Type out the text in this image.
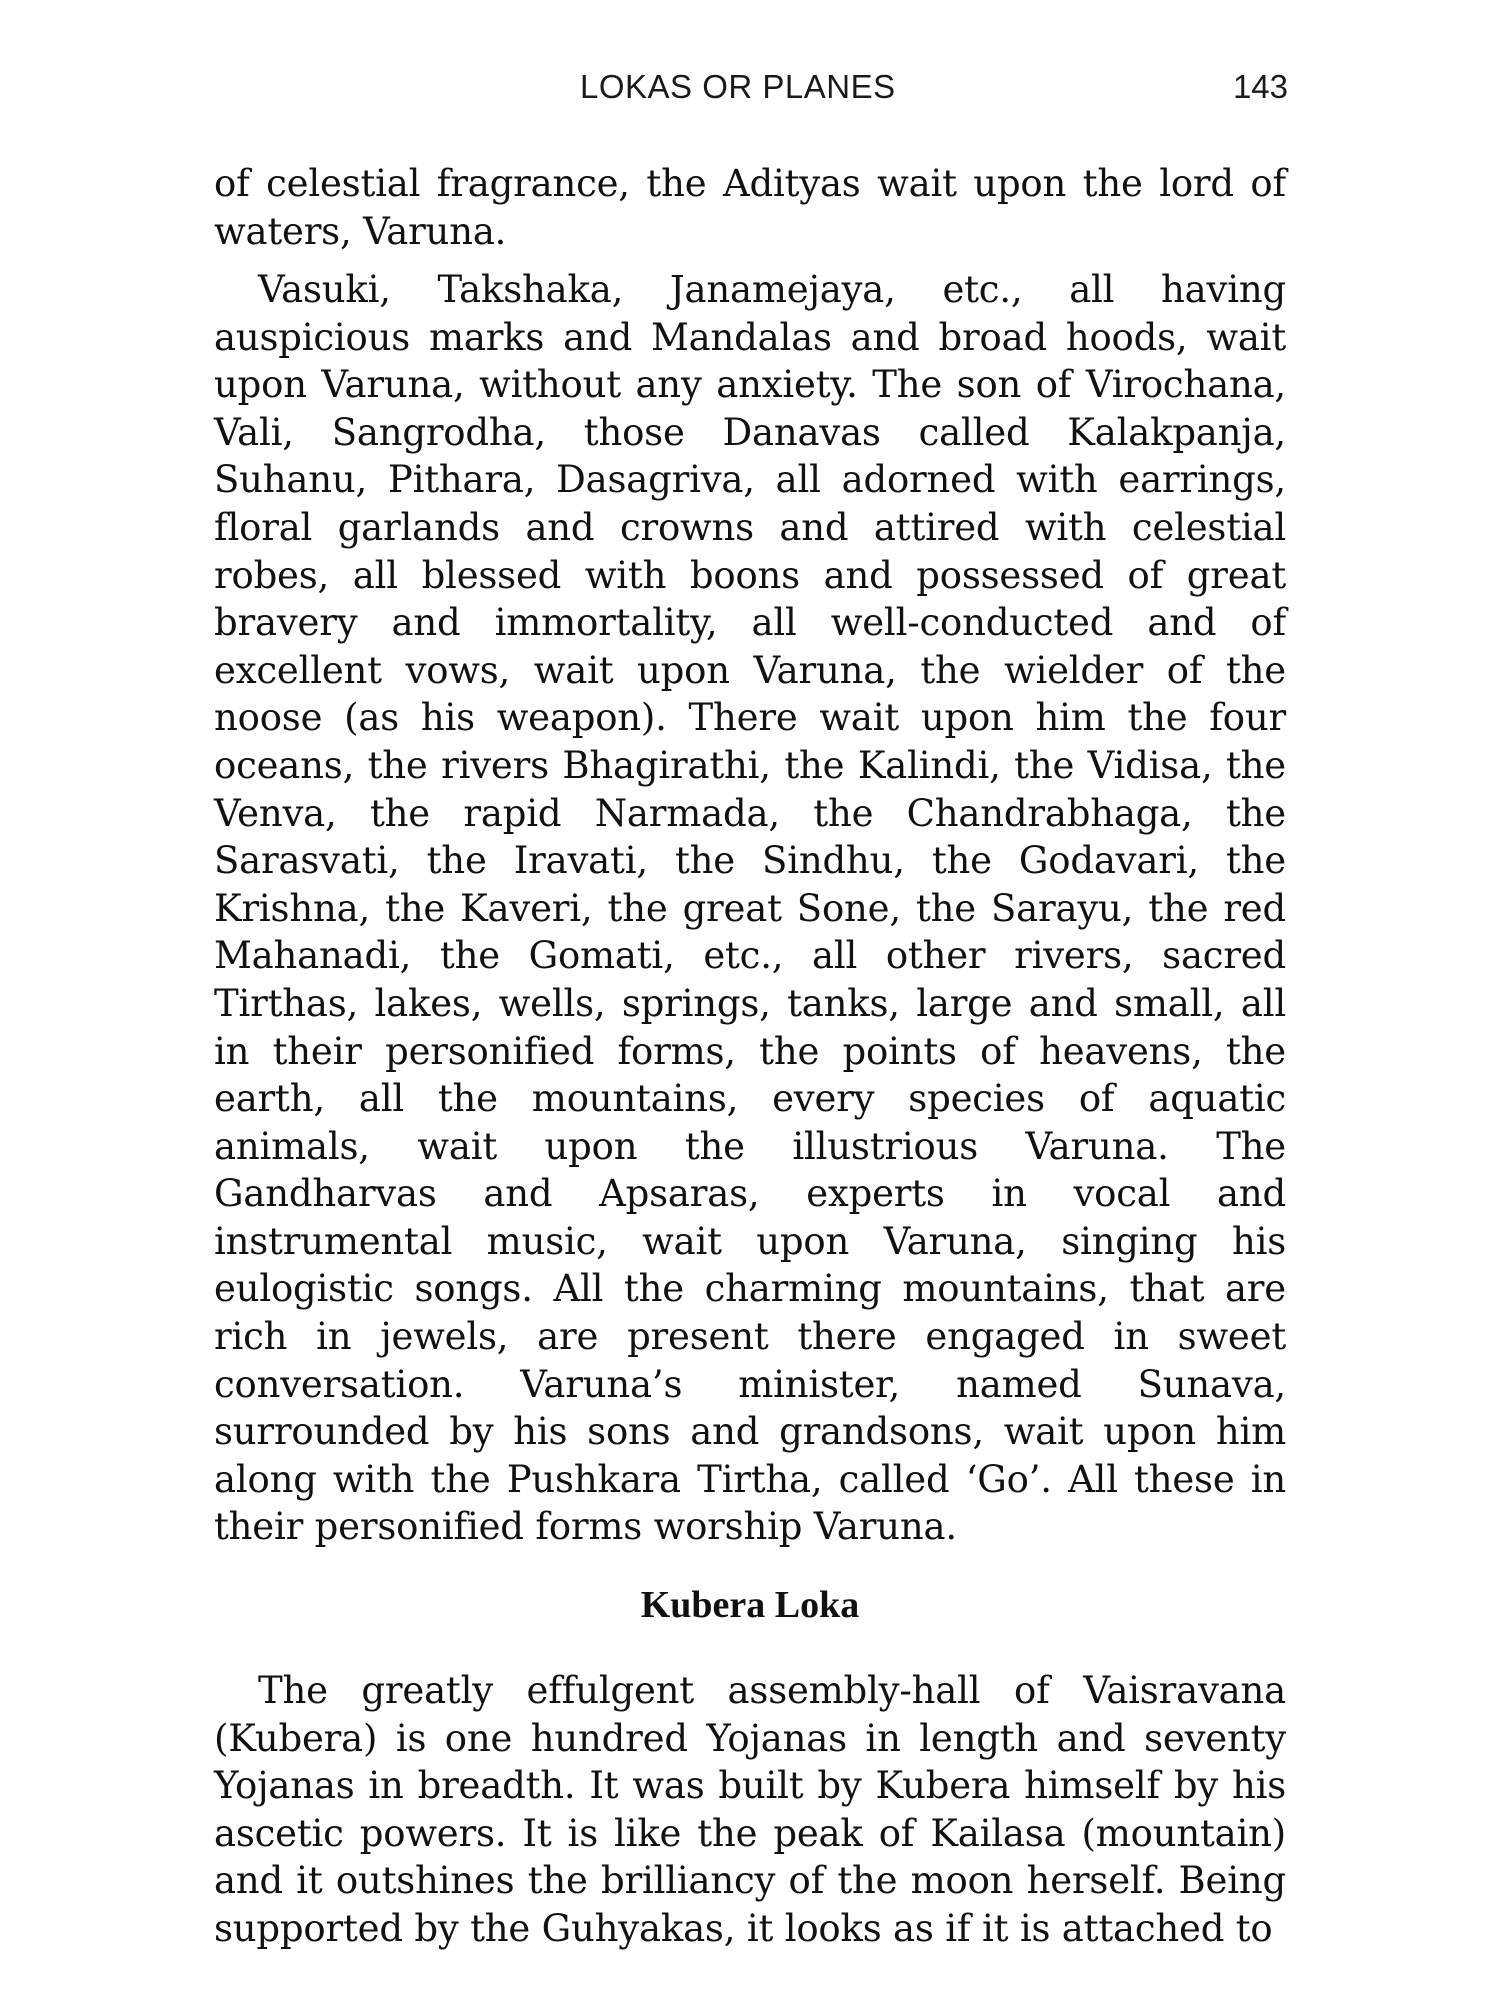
LOKAS OR PLANES	143

of celestial fragrance, the Adityas wait upon the lord of waters, Varuna.

Vasuki, Takshaka, Janamejaya, etc., all having auspicious marks and Mandalas and broad hoods, wait upon Varuna, without any anxiety. The son of Virochana, Vali, Sangrodha, those Danavas called Kalakpanja, Suhanu, Pithara, Dasagriva, all adorned with earrings, floral garlands and crowns and attired with celestial robes, all blessed with boons and possessed of great bravery and immortality, all well-conducted and of excellent vows, wait upon Varuna, the wielder of the noose (as his weapon). There wait upon him the four oceans, the rivers Bhagirathi, the Kalindi, the Vidisa, the Venva, the rapid Narmada, the Chandrabhaga, the Sarasvati, the Iravati, the Sindhu, the Godavari, the Krishna, the Kaveri, the great Sone, the Sarayu, the red Mahanadi, the Gomati, etc., all other rivers, sacred Tirthas, lakes, wells, springs, tanks, large and small, all in their personified forms, the points of heavens, the earth, all the mountains, every species of aquatic animals, wait upon the illustrious Varuna. The Gandharvas and Apsaras, experts in vocal and instrumental music, wait upon Varuna, singing his eulogistic songs. All the charming mountains, that are rich in jewels, are present there engaged in sweet conversation. Varuna’s minister, named Sunava, surrounded by his sons and grandsons, wait upon him along with the Pushkara Tirtha, called ‘Go’. All these in their personified forms worship Varuna.

Kubera Loka

The greatly effulgent assembly-hall of Vaisravana (Kubera) is one hundred Yojanas in length and seventy Yojanas in breadth. It was built by Kubera himself by his ascetic powers. It is like the peak of Kailasa (mountain) and it outshines the brilliancy of the moon herself. Being supported by the Guhyakas, it looks as if it is attached to
